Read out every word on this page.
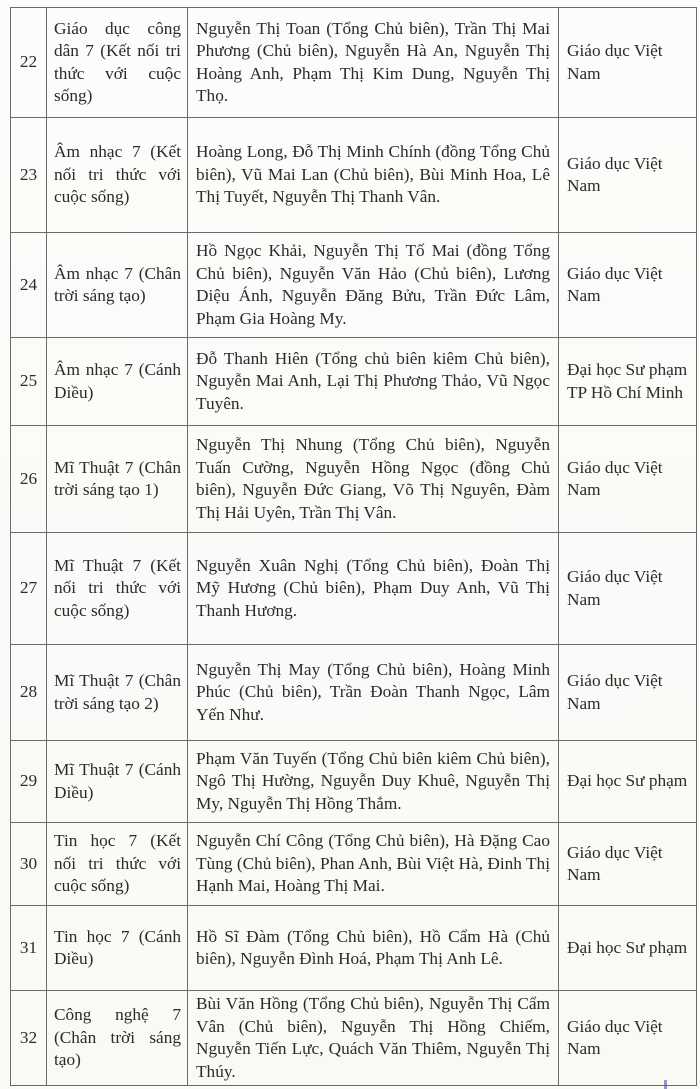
22	Giáo dục công dân 7 (Kết nối tri thức với cuộc sống)	Nguyễn Thị Toan (Tổng Chủ biên), Trần Thị Mai Phương (Chủ biên), Nguyễn Hà An, Nguyễn Thị Hoàng Anh, Phạm Thị Kim Dung, Nguyễn Thị Thọ.	Giáo dục Việt Nam
23	Âm nhạc 7 (Kết nối tri thức với cuộc sống)	Hoàng Long, Đỗ Thị Minh Chính (đồng Tổng Chủ biên), Vũ Mai Lan (Chủ biên), Bùi Minh Hoa, Lê Thị Tuyết, Nguyễn Thị Thanh Vân.	Giáo dục Việt Nam
24	Âm nhạc 7 (Chân trời sáng tạo)	Hồ Ngọc Khải, Nguyễn Thị Tố Mai (đồng Tổng Chủ biên), Nguyễn Văn Hảo (Chủ biên), Lương Diệu Ánh, Nguyễn Đăng Bửu, Trần Đức Lâm, Phạm Gia Hoàng My.	Giáo dục Việt Nam
25	Âm nhạc 7 (Cánh Diều)	Đỗ Thanh Hiên (Tổng chủ biên kiêm Chủ biên), Nguyễn Mai Anh, Lại Thị Phương Thảo, Vũ Ngọc Tuyên.	Đại học Sư phạm TP Hồ Chí Minh
26	Mĩ Thuật 7 (Chân trời sáng tạo 1)	Nguyễn Thị Nhung (Tổng Chủ biên), Nguyễn Tuấn Cường, Nguyễn Hồng Ngọc (đồng Chủ biên), Nguyễn Đức Giang, Võ Thị Nguyên, Đàm Thị Hải Uyên, Trần Thị Vân.	Giáo dục Việt Nam
27	Mĩ Thuật 7 (Kết nối tri thức với cuộc sống)	Nguyễn Xuân Nghị (Tổng Chủ biên), Đoàn Thị Mỹ Hương (Chủ biên), Phạm Duy Anh, Vũ Thị Thanh Hương.	Giáo dục Việt Nam
28	Mĩ Thuật 7 (Chân trời sáng tạo 2)	Nguyễn Thị May (Tổng Chủ biên), Hoàng Minh Phúc (Chủ biên), Trần Đoàn Thanh Ngọc, Lâm Yến Như.	Giáo dục Việt Nam
29	Mĩ Thuật 7 (Cánh Diều)	Phạm Văn Tuyến (Tổng Chủ biên kiêm Chủ biên), Ngô Thị Hường, Nguyễn Duy Khuê, Nguyễn Thị My, Nguyễn Thị Hồng Thắm.	Đại học Sư phạm
30	Tin học 7 (Kết nối tri thức với cuộc sống)	Nguyễn Chí Công (Tổng Chủ biên), Hà Đặng Cao Tùng (Chủ biên), Phan Anh, Bùi Việt Hà, Đinh Thị Hạnh Mai, Hoàng Thị Mai.	Giáo dục Việt Nam
31	Tin học 7 (Cánh Diều)	Hồ Sĩ Đàm (Tổng Chủ biên), Hồ Cẩm Hà (Chủ biên), Nguyễn Đình Hoá, Phạm Thị Anh Lê.	Đại học Sư phạm
32	Công nghệ 7 (Chân trời sáng tạo)	Bùi Văn Hồng (Tổng Chủ biên), Nguyễn Thị Cẩm Vân (Chủ biên), Nguyễn Thị Hồng Chiếm, Nguyễn Tiến Lực, Quách Văn Thiêm, Nguyễn Thị Thúy.	Giáo dục Việt Nam
